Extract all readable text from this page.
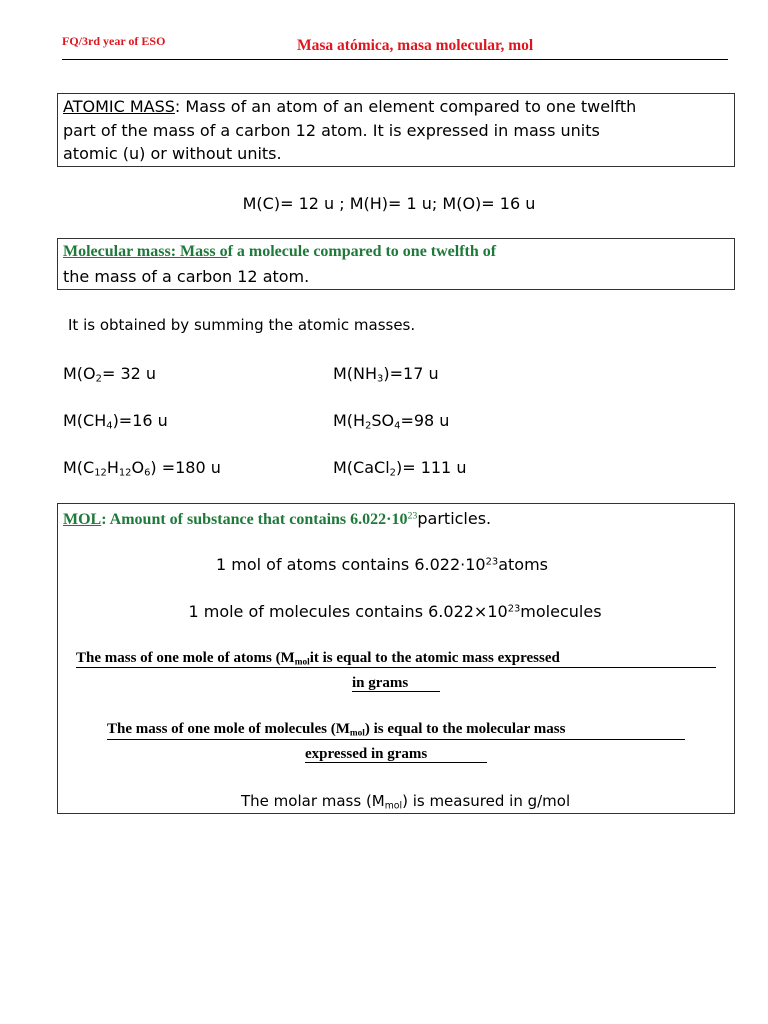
FQ/3rd year of ESO	Masa atómica, masa molecular, mol
ATOMIC MASS: Mass of an atom of an element compared to one twelfth
part of the mass of a carbon 12 atom. It is expressed in mass units
atomic (u) or without units.
M(C)= 12 u ; M(H)= 1 u; M(O)= 16 u
Molecular mass: Mass of a molecule compared to one twelfth of
the mass of a carbon 12 atom.
It is obtained by summing the atomic masses.
$M(O_2= 32$ u	$M(NH_3)=17$ u
$M(CH_4)=16$ u	$M(H_2SO_4=98$ u
$M(C_{12}H_{12}O_6) =180$ u	M(CaCl$_2$)= 111 u
MOL: Amount of substance that contains $6.022\cdot 10^{23}particles$.
1 mol of atoms contains $6.022\cdot 10^{23}atoms$
1 mole of molecules contains $6.022\times 10^{23}molecules$
The mass of one mole of atoms ($M_{mol}it$ is equal to the atomic mass expressed
in grams
The mass of one mole of molecules $(M_{mol})$ is equal to the molecular mass
expressed in grams
The molar mass $(M_{mol})$ is measured in g/mol
